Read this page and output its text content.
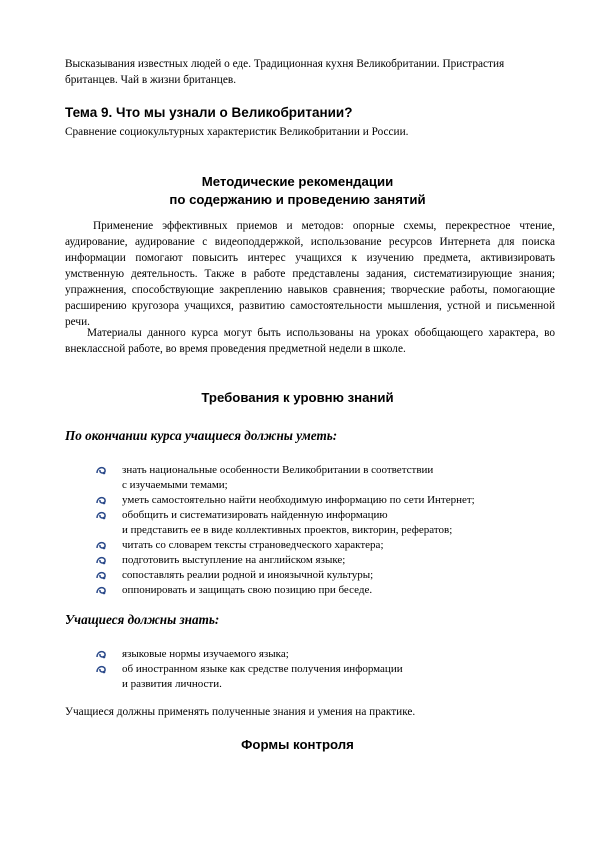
Высказывания известных людей о еде. Традиционная кухня Великобритании. Пристрастия
британцев. Чай в жизни британцев.
Тема 9. Что мы узнали о Великобритании?
Сравнение социокультурных характеристик Великобритании и России.
Методические рекомендации
по содержанию и проведению занятий
Применение эффективных приемов и методов: опорные схемы, перекрестное чтение, аудирование, аудирование с видеоподдержкой, использование ресурсов Интернета для поиска информации помогают повысить интерес учащихся к изучению предмета, активизировать умственную деятельность. Также в работе представлены задания, систематизирующие знания; упражнения, способствующие закреплению навыков сравнения; творческие работы, помогающие расширению кругозора учащихся, развитию самостоятельности мышления, устной и письменной речи.
Материалы данного курса могут быть использованы на уроках обобщающего характера, во внеклассной работе, во время проведения предметной недели в школе.
Требования к уровню знаний
По окончании курса учащиеся должны уметь:
знать национальные особенности Великобритании в соответствии
с изучаемыми темами;
уметь самостоятельно найти необходимую информацию по сети Интернет;
обобщить и систематизировать найденную информацию
и представить ее в виде коллективных проектов, викторин, рефератов;
читать со словарем тексты страноведческого характера;
подготовить выступление на английском языке;
сопоставлять реалии родной и иноязычной культуры;
оппонировать и защищать свою позицию при беседе.
Учащиеся должны знать:
языковые нормы изучаемого языка;
об иностранном языке как средстве получения информации
и развития личности.
Учащиеся должны применять полученные знания и умения на практике.
Формы контроля
